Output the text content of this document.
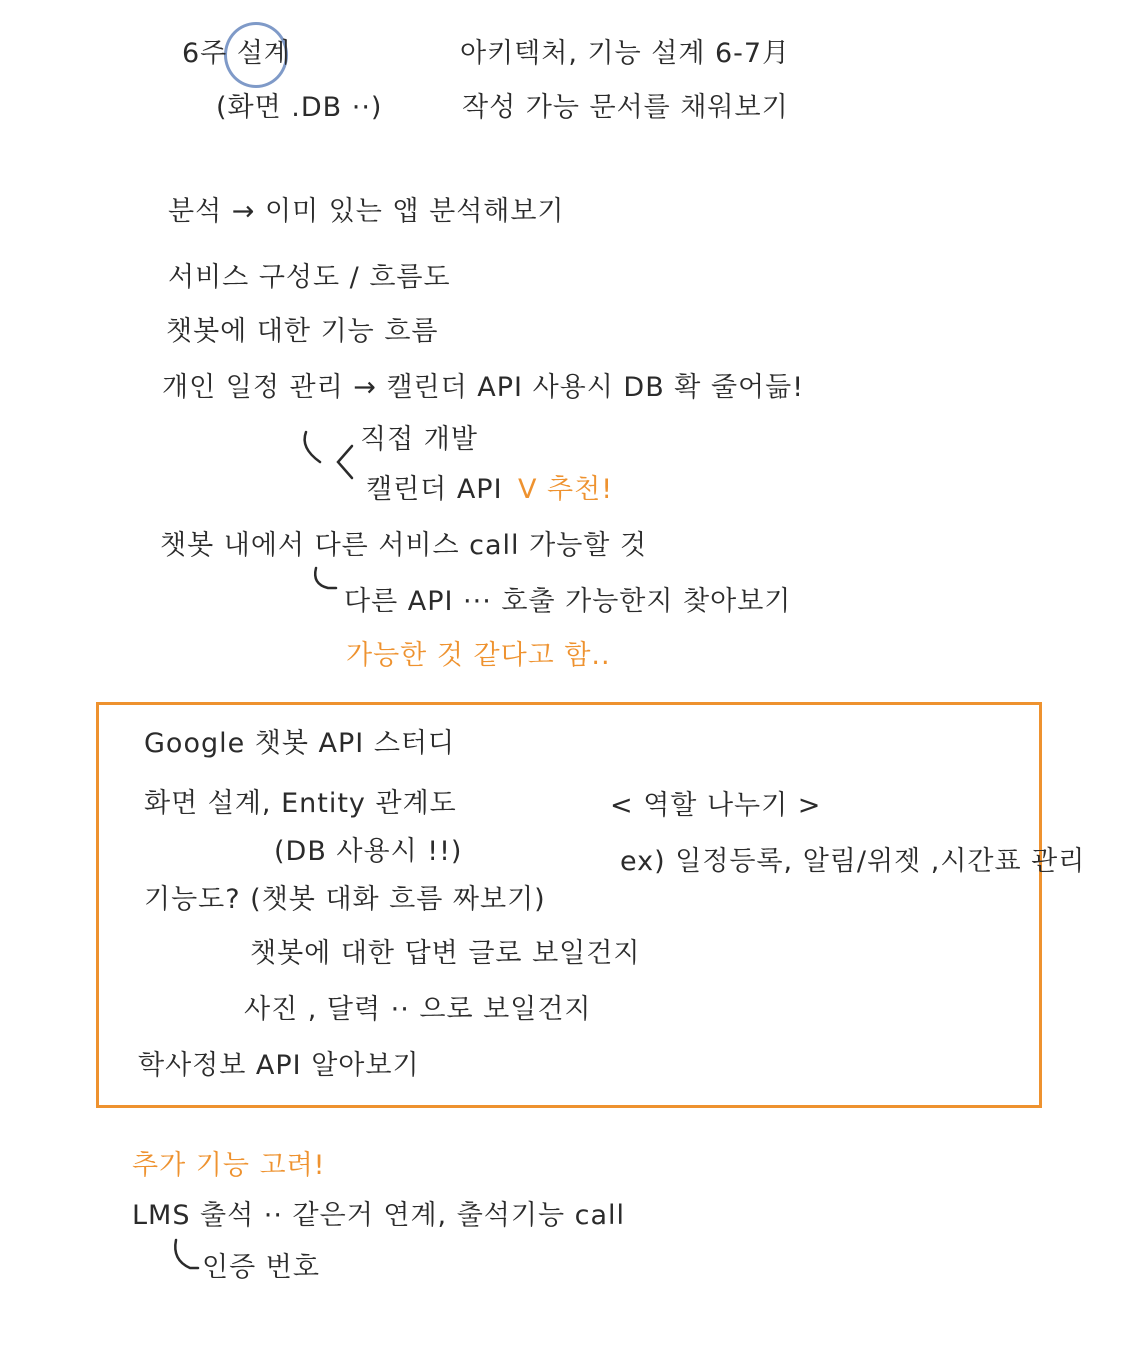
6주 설계
(화면 .DB ··)
아키텍처, 기능 설계 6-7月
작성 가능 문서를 채워보기
분석 → 이미 있는 앱 분석해보기
서비스 구성도 / 흐름도
챗봇에 대한 기능 흐름
개인 일정 관리 → 캘린더 API 사용시 DB 확 줄어듦!
직접 개발
캘린더 API V 추천!
챗봇 내에서 다른 서비스 call 가능할 것
다른 API ··· 호출 가능한지 찾아보기
가능한 것 같다고 함..
Google 챗봇 API 스터디
화면 설계, Entity 관계도
(DB 사용시 !!)
기능도? (챗봇 대화 흐름 짜보기)
챗봇에 대한 답변 글로 보일건지
사진 , 달력 ·· 으로 보일건지
학사정보 API 알아보기
< 역할 나누기 >
ex) 일정등록, 알림/위젯 ,시간표 관리
추가 기능 고려!
LMS 출석 ·· 같은거 연계, 출석기능 call
인증 번호
